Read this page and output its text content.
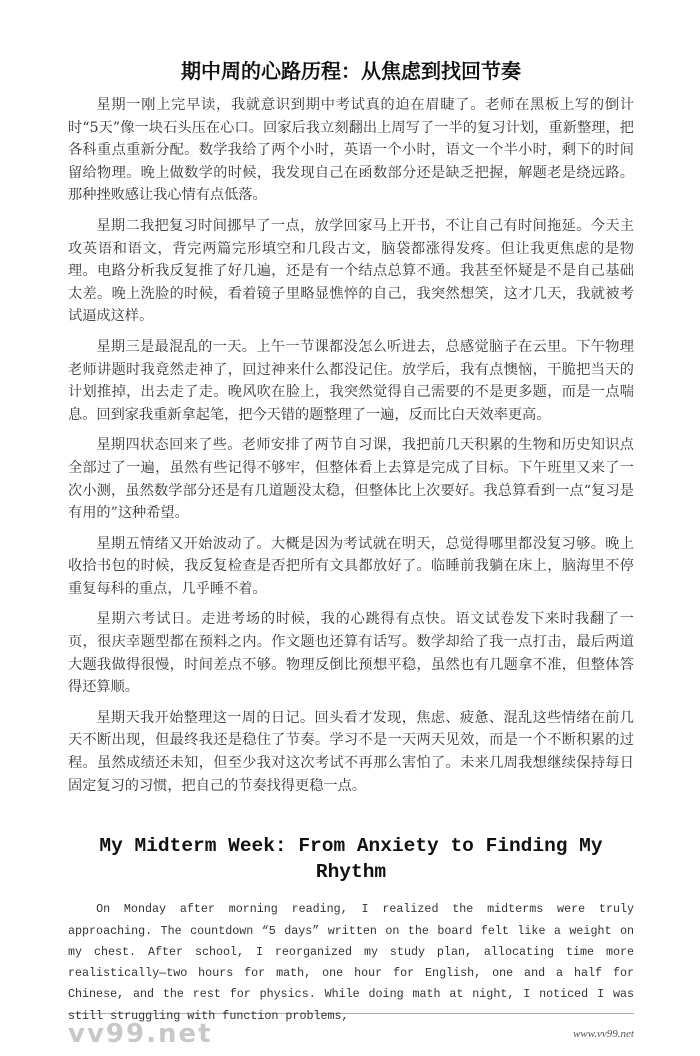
期中周的心路历程：从焦虑到找回节奏

星期一刚上完早读，我就意识到期中考试真的迫在眉睫了。老师在黑板上写的倒计时“5天”像一块石头压在心口。回家后我立刻翻出上周写了一半的复习计划，重新整理，把各科重点重新分配。数学我给了两个小时，英语一个小时，语文一个半小时，剩下的时间留给物理。晚上做数学的时候，我发现自己在函数部分还是缺乏把握，解题老是绕远路。那种挫败感让我心情有点低落。

星期二我把复习时间挪早了一点，放学回家马上开书，不让自己有时间拖延。今天主攻英语和语文，背完两篇完形填空和几段古文，脑袋都涨得发疼。但让我更焦虑的是物理。电路分析我反复推了好几遍，还是有一个结点总算不通。我甚至怀疑是不是自己基础太差。晚上洗脸的时候，看着镜子里略显憔悴的自己，我突然想笑，这才几天，我就被考试逼成这样。

星期三是最混乱的一天。上午一节课都没怎么听进去，总感觉脑子在云里。下午物理老师讲题时我竟然走神了，回过神来什么都没记住。放学后，我有点懊恼，干脆把当天的计划推掉，出去走了走。晚风吹在脸上，我突然觉得自己需要的不是更多题，而是一点喘息。回到家我重新拿起笔，把今天错的题整理了一遍，反而比白天效率更高。

星期四状态回来了些。老师安排了两节自习课，我把前几天积累的生物和历史知识点全部过了一遍，虽然有些记得不够牢，但整体看上去算是完成了目标。下午班里又来了一次小测，虽然数学部分还是有几道题没太稳，但整体比上次要好。我总算看到一点“复习是有用的”这种希望。

星期五情绪又开始波动了。大概是因为考试就在明天，总觉得哪里都没复习够。晚上收拾书包的时候，我反复检查是否把所有文具都放好了。临睡前我躺在床上，脑海里不停重复每科的重点，几乎睡不着。

星期六考试日。走进考场的时候，我的心跳得有点快。语文试卷发下来时我翻了一页，很庆幸题型都在预料之内。作文题也还算有话写。数学却给了我一点打击，最后两道大题我做得很慢，时间差点不够。物理反倒比预想平稳，虽然也有几题拿不准，但整体答得还算顺。

星期天我开始整理这一周的日记。回头看才发现，焦虑、疲惫、混乱这些情绪在前几天不断出现，但最终我还是稳住了节奏。学习不是一天两天见效，而是一个不断积累的过程。虽然成绩还未知，但至少我对这次考试不再那么害怕了。未来几周我想继续保持每日固定复习的习惯，把自己的节奏找得更稳一点。

My Midterm Week: From Anxiety to Finding My Rhythm

On Monday after morning reading, I realized the midterms were truly approaching. The countdown “5 days” written on the board felt like a weight on my chest. After school, I reorganized my study plan, allocating time more realistically—two hours for math, one hour for English, one and a half for Chinese, and the rest for physics. While doing math at night, I noticed I was still struggling with function problems,

vv99.net	www.vv99.net
